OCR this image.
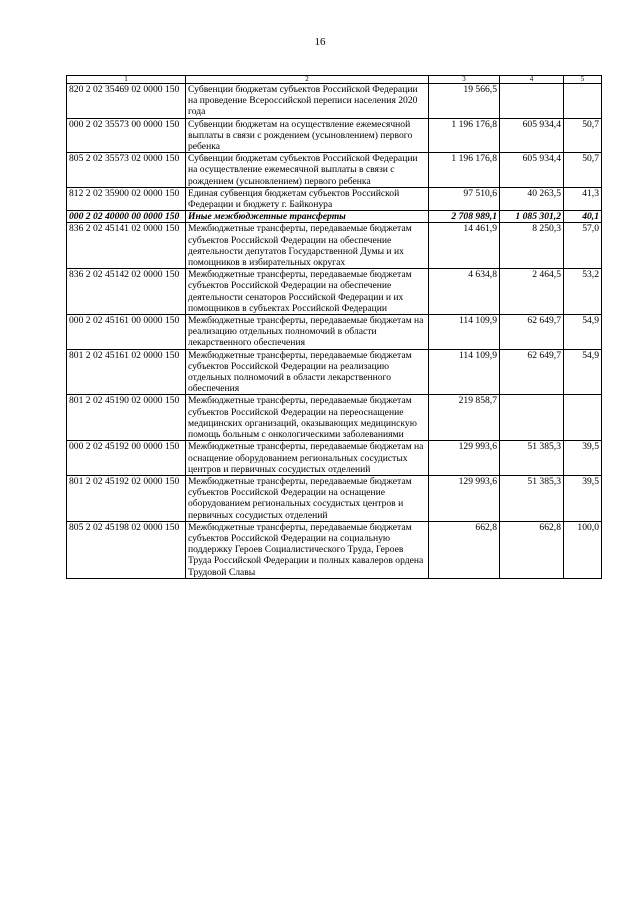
16
1	2	3	4	5
820 2 02 35469 02 0000 150	Субвенции бюджетам субъектов Российской Федерации на проведение Всероссийской переписи населения 2020 года	19 566,5		
000 2 02 35573 00 0000 150	Субвенции бюджетам на осуществление ежемесячной выплаты в связи с рождением (усыновлением) первого ребенка	1 196 176,8	605 934,4	50,7
805 2 02 35573 02 0000 150	Субвенции бюджетам субъектов Российской Федерации на осуществление ежемесячной выплаты в связи с рождением (усыновлением) первого ребенка	1 196 176,8	605 934,4	50,7
812 2 02 35900 02 0000 150	Единая субвенция бюджетам субъектов Российской Федерации и бюджету г. Байконура	97 510,6	40 263,5	41,3
000 2 02 40000 00 0000 150	Иные межбюджетные трансферты	2 708 989,1	1 085 301,2	40,1
836 2 02 45141 02 0000 150	Межбюджетные трансферты, передаваемые бюджетам субъектов Российской Федерации на обеспечение деятельности депутатов Государственной Думы и их помощников в избирательных округах	14 461,9	8 250,3	57,0
836 2 02 45142 02 0000 150	Межбюджетные трансферты, передаваемые бюджетам субъектов Российской Федерации на обеспечение деятельности сенаторов Российской Федерации и их помощников в субъектах Российской Федерации	4 634,8	2 464,5	53,2
000 2 02 45161 00 0000 150	Межбюджетные трансферты, передаваемые бюджетам на реализацию отдельных полномочий в области лекарственного обеспечения	114 109,9	62 649,7	54,9
801 2 02 45161 02 0000 150	Межбюджетные трансферты, передаваемые бюджетам субъектов Российской Федерации на реализацию отдельных полномочий в области лекарственного обеспечения	114 109,9	62 649,7	54,9
801 2 02 45190 02 0000 150	Межбюджетные трансферты, передаваемые бюджетам субъектов Российской Федерации на переоснащение медицинских организаций, оказывающих медицинскую помощь больным с онкологическими заболеваниями	219 858,7		
000 2 02 45192 00 0000 150	Межбюджетные трансферты, передаваемые бюджетам на оснащение оборудованием региональных сосудистых центров и первичных сосудистых отделений	129 993,6	51 385,3	39,5
801 2 02 45192 02 0000 150	Межбюджетные трансферты, передаваемые бюджетам субъектов Российской Федерации на оснащение оборудованием региональных сосудистых центров и первичных сосудистых отделений	129 993,6	51 385,3	39,5
805 2 02 45198 02 0000 150	Межбюджетные трансферты, передаваемые бюджетам субъектов Российской Федерации на социальную поддержку Героев Социалистического Труда, Героев Труда Российской Федерации и полных кавалеров ордена Трудовой Славы	662,8	662,8	100,0
